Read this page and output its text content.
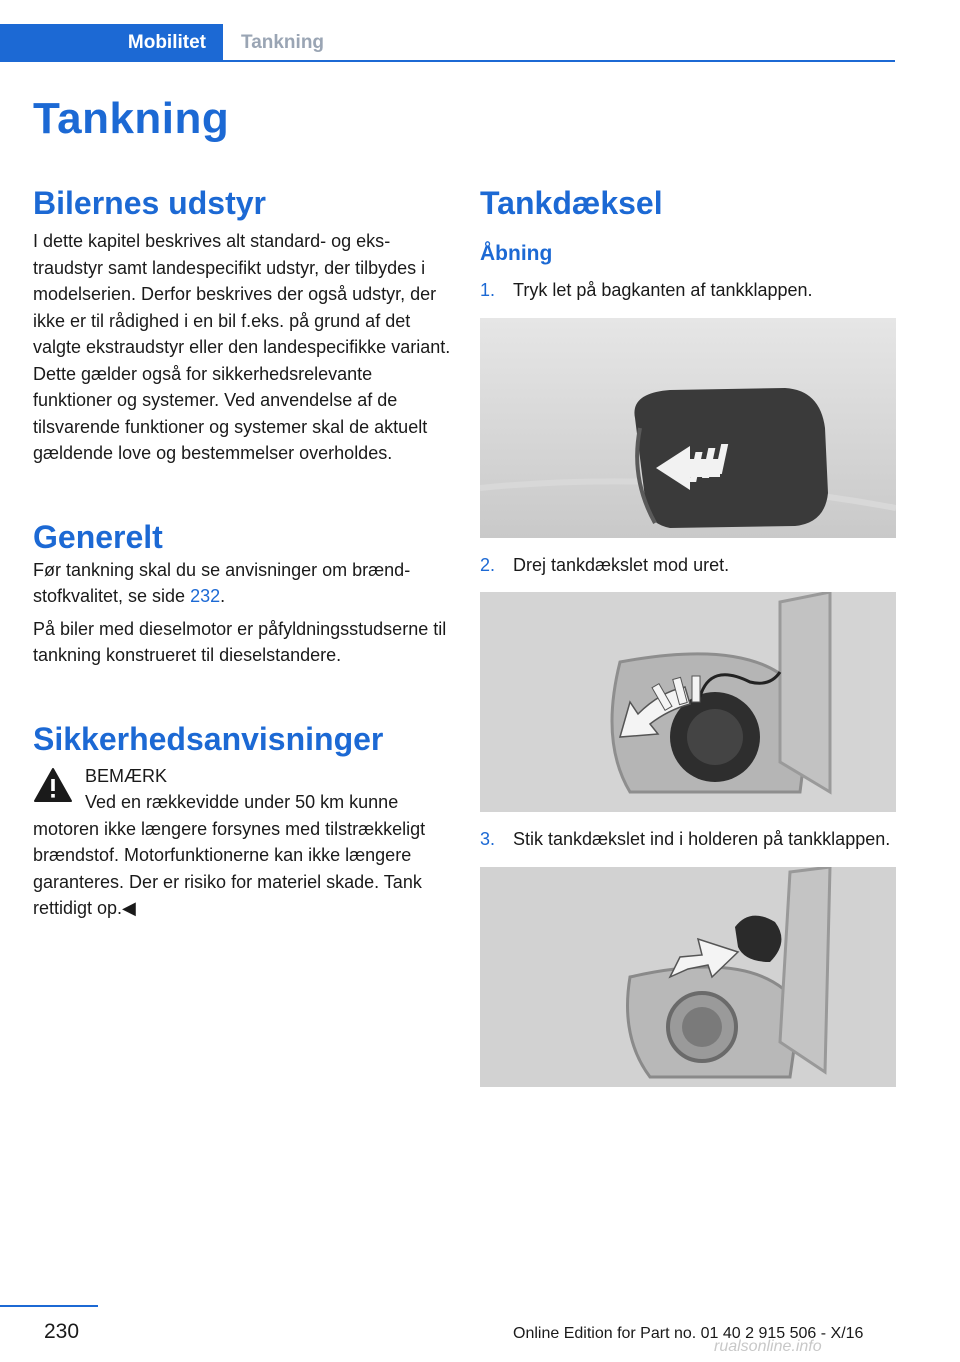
Mobilitet	Tankning
Tankning
Bilernes udstyr

I dette kapitel beskrives alt standard- og ekstraudstyr samt landespecifikt udstyr, der tilbydes i modelserien. Derfor beskrives der også udstyr, der ikke er til rådighed i en bil f.eks. på grund af det valgte ekstraudstyr eller den landespecifikke variant. Dette gælder også for sikkerhedsrelevante funktioner og systemer. Ved anvendelse af de tilsvarende funktioner og systemer skal de aktuelt gældende love og bestemmelser overholdes.

Generelt

Før tankning skal du se anvisninger om brændstofkvalitet, se side 232.

På biler med dieselmotor er påfyldningsstudserne til tankning konstrueret til dieselstandere.

Sikkerhedsanvisninger
BEMÆRK

Ved en rækkevidde under 50 km kunne motoren ikke længere forsynes med tilstrækkeligt brændstof. Motorfunktionerne kan ikke længere garanteres. Der er risiko for materiel skade. Tank rettidigt op.◀

Tankdæksel
Åbning
1. Tryk let på bagkanten af tankklappen.
2. Drej tankdækslet mod uret.
3. Stik tankdækslet ind i holderen på tankklappen.
230	Online Edition for Part no. 01 40 2 915 506 - X/16
rualsonline.info
